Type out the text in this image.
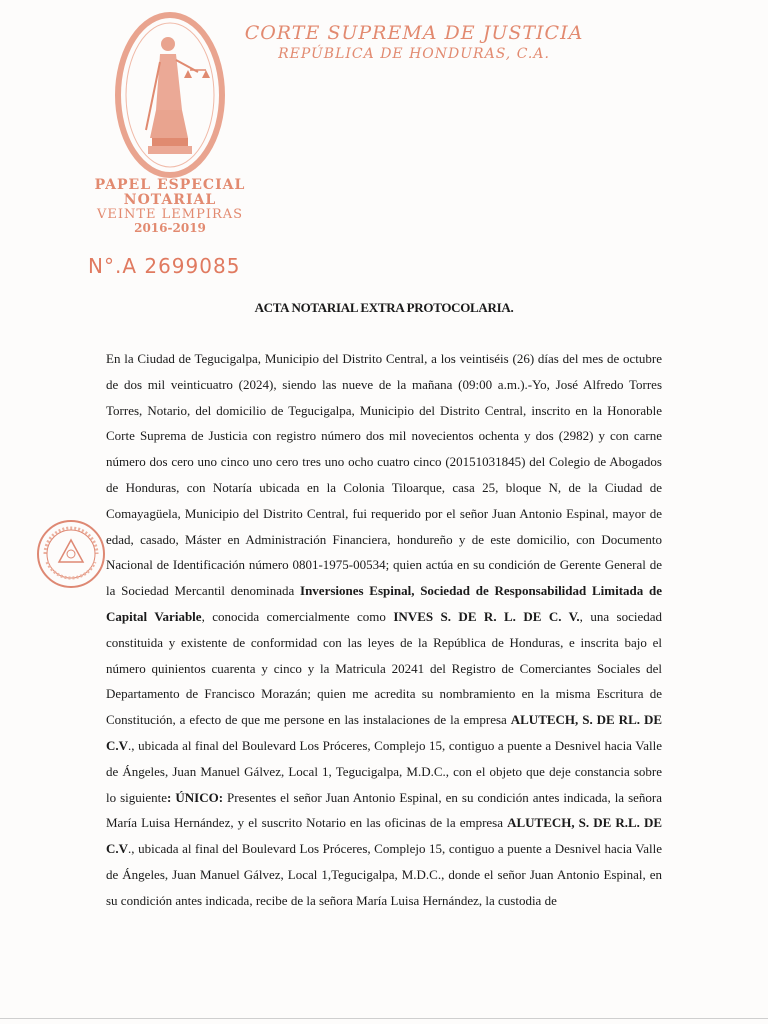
CORTE SUPREMA DE JUSTICIA
REPÚBLICA DE HONDURAS, C.A.
PAPEL ESPECIAL
NOTARIAL
VEINTE LEMPIRAS
2016-2019
N°.A 2699085
ACTA NOTARIAL EXTRA PROTOCOLARIA.

En la Ciudad de Tegucigalpa, Municipio del Distrito Central, a los veintiséis (26) días del mes de octubre de dos mil veinticuatro (2024), siendo las nueve de la mañana (09:00 a.m.).-Yo, José Alfredo Torres Torres, Notario, del domicilio de Tegucigalpa, Municipio del Distrito Central, inscrito en la Honorable Corte Suprema de Justicia con registro número dos mil novecientos ochenta y dos (2982) y con carne número dos cero uno cinco uno cero tres uno ocho cuatro cinco (20151031845) del Colegio de Abogados de Honduras, con Notaría ubicada en la Colonia Tiloarque, casa 25, bloque N, de la Ciudad de Comayagüela, Municipio del Distrito Central, fui requerido por el señor Juan Antonio Espinal, mayor de edad, casado, Máster en Administración Financiera, hondureño y de este domicilio, con Documento Nacional de Identificación número 0801-1975-00534; quien actúa en su condición de Gerente General de la Sociedad Mercantil denominada Inversiones Espinal, Sociedad de Responsabilidad Limitada de Capital Variable, conocida comercialmente como INVES S. DE R. L. DE C. V., una sociedad constituida y existente de conformidad con las leyes de la República de Honduras, e inscrita bajo el número quinientos cuarenta y cinco y la Matricula 20241 del Registro de Comerciantes Sociales del Departamento de Francisco Morazán; quien me acredita su nombramiento en la misma Escritura de Constitución, a efecto de que me persone en las instalaciones de la empresa ALUTECH, S. DE RL. DE C.V., ubicada al final del Boulevard Los Próceres, Complejo 15, contiguo a puente a Desnivel hacia Valle de Ángeles, Juan Manuel Gálvez, Local 1, Tegucigalpa, M.D.C., con el objeto que deje constancia sobre lo siguiente: ÚNICO: Presentes el señor Juan Antonio Espinal, en su condición antes indicada, la señora María Luisa Hernández, y el suscrito Notario en las oficinas de la empresa ALUTECH, S. DE R.L. DE C.V., ubicada al final del Boulevard Los Próceres, Complejo 15, contiguo a puente a Desnivel hacia Valle de Ángeles, Juan Manuel Gálvez, Local 1,Tegucigalpa, M.D.C., donde el señor Juan Antonio Espinal, en su condición antes indicada, recibe de la señora María Luisa Hernández, la custodia de
